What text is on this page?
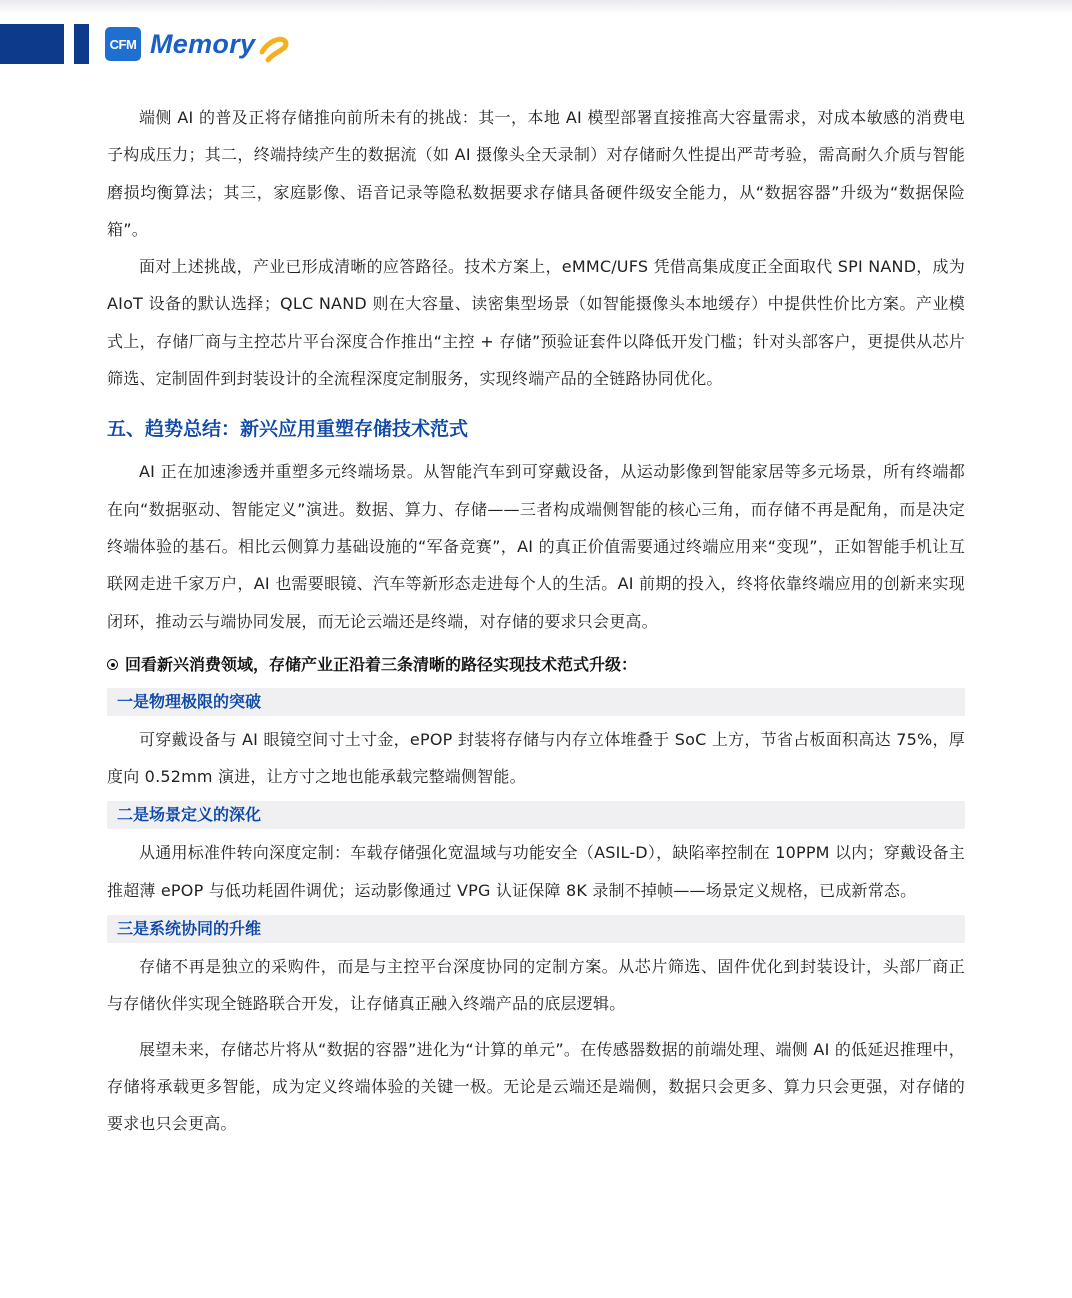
CFM Memory

端侧 AI 的普及正将存储推向前所未有的挑战：其一，本地 AI 模型部署直接推高大容量需求，对成本敏感的消费电子构成压力；其二，终端持续产生的数据流（如 AI 摄像头全天录制）对存储耐久性提出严苛考验，需高耐久介质与智能磨损均衡算法；其三，家庭影像、语音记录等隐私数据要求存储具备硬件级安全能力，从“数据容器”升级为“数据保险箱”。

面对上述挑战，产业已形成清晰的应答路径。技术方案上，eMMC/UFS 凭借高集成度正全面取代 SPI NAND，成为 AIoT 设备的默认选择；QLC NAND 则在大容量、读密集型场景（如智能摄像头本地缓存）中提供性价比方案。产业模式上，存储厂商与主控芯片平台深度合作推出“主控 + 存储”预验证套件以降低开发门槛；针对头部客户，更提供从芯片筛选、定制固件到封装设计的全流程深度定制服务，实现终端产品的全链路协同优化。

五、趋势总结：新兴应用重塑存储技术范式

AI 正在加速渗透并重塑多元终端场景。从智能汽车到可穿戴设备，从运动影像到智能家居等多元场景，所有终端都在向“数据驱动、智能定义”演进。数据、算力、存储——三者构成端侧智能的核心三角，而存储不再是配角，而是决定终端体验的基石。相比云侧算力基础设施的“军备竞赛”，AI 的真正价值需要通过终端应用来“变现”，正如智能手机让互联网走进千家万户，AI 也需要眼镜、汽车等新形态走进每个人的生活。AI 前期的投入，终将依靠终端应用的创新来实现闭环，推动云与端协同发展，而无论云端还是终端，对存储的要求只会更高。

回看新兴消费领域，存储产业正沿着三条清晰的路径实现技术范式升级：
一是物理极限的突破

可穿戴设备与 AI 眼镜空间寸土寸金，ePOP 封装将存储与内存立体堆叠于 SoC 上方，节省占板面积高达 75%，厚度向 0.52mm 演进，让方寸之地也能承载完整端侧智能。

二是场景定义的深化

从通用标准件转向深度定制：车载存储强化宽温域与功能安全（ASIL-D），缺陷率控制在 10PPM 以内；穿戴设备主推超薄 ePOP 与低功耗固件调优；运动影像通过 VPG 认证保障 8K 录制不掉帧——场景定义规格，已成新常态。

三是系统协同的升维

存储不再是独立的采购件，而是与主控平台深度协同的定制方案。从芯片筛选、固件优化到封装设计，头部厂商正与存储伙伴实现全链路联合开发，让存储真正融入终端产品的底层逻辑。

展望未来，存储芯片将从“数据的容器”进化为“计算的单元”。在传感器数据的前端处理、端侧 AI 的低延迟推理中，存储将承载更多智能，成为定义终端体验的关键一极。无论是云端还是端侧，数据只会更多、算力只会更强，对存储的要求也只会更高。
